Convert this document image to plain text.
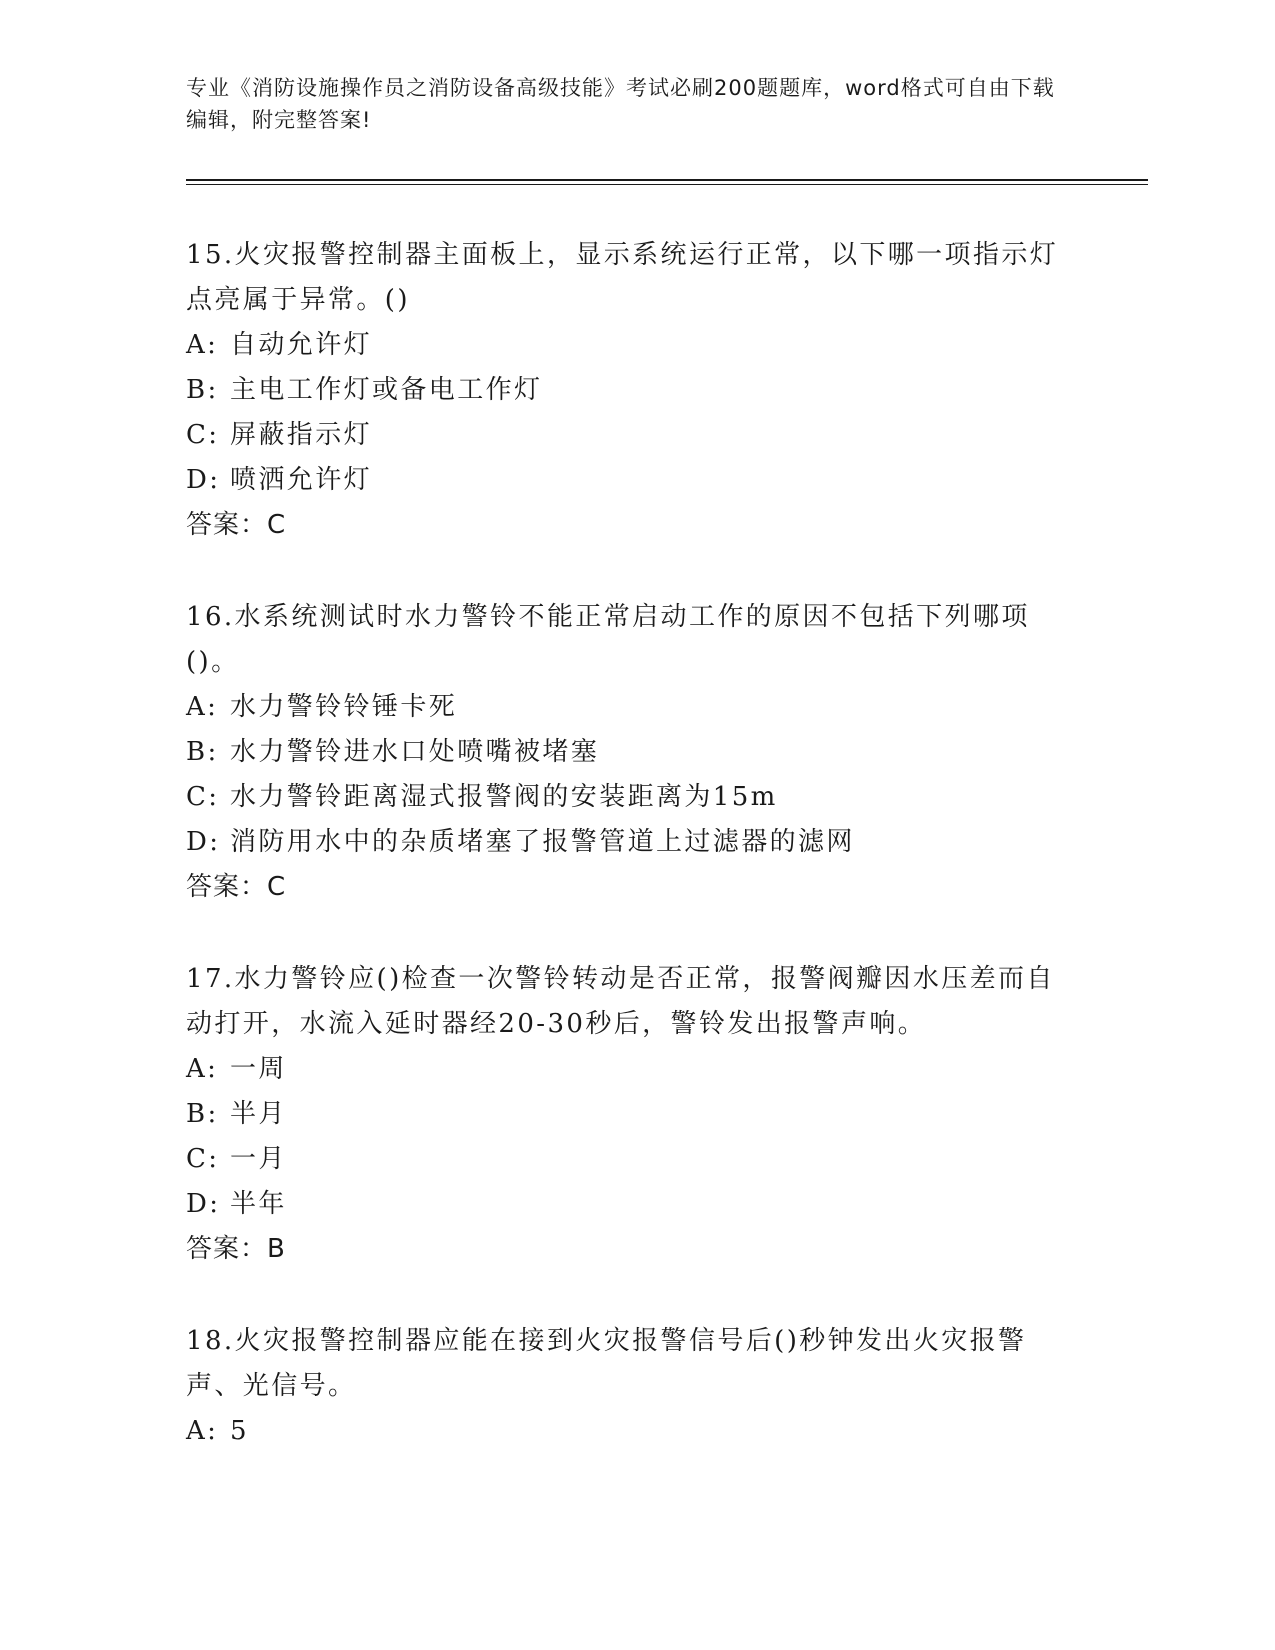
专业《消防设施操作员之消防设备高级技能》考试必刷200题题库，word格式可自由下载编辑，附完整答案!

15.火灾报警控制器主面板上，显示系统运行正常，以下哪一项指示灯点亮属于异常。()

A: 自动允许灯

B: 主电工作灯或备电工作灯

C: 屏蔽指示灯

D: 喷洒允许灯

答案：C

16.水系统测试时水力警铃不能正常启动工作的原因不包括下列哪项()。

A: 水力警铃铃锤卡死

B: 水力警铃进水口处喷嘴被堵塞

C: 水力警铃距离湿式报警阀的安装距离为15m

D: 消防用水中的杂质堵塞了报警管道上过滤器的滤网

答案：C

17.水力警铃应()检查一次警铃转动是否正常，报警阀瓣因水压差而自动打开，水流入延时器经20-30秒后，警铃发出报警声响。

A: 一周

B: 半月

C: 一月

D: 半年

答案：B

18.火灾报警控制器应能在接到火灾报警信号后()秒钟发出火灾报警声、光信号。

A: 5
